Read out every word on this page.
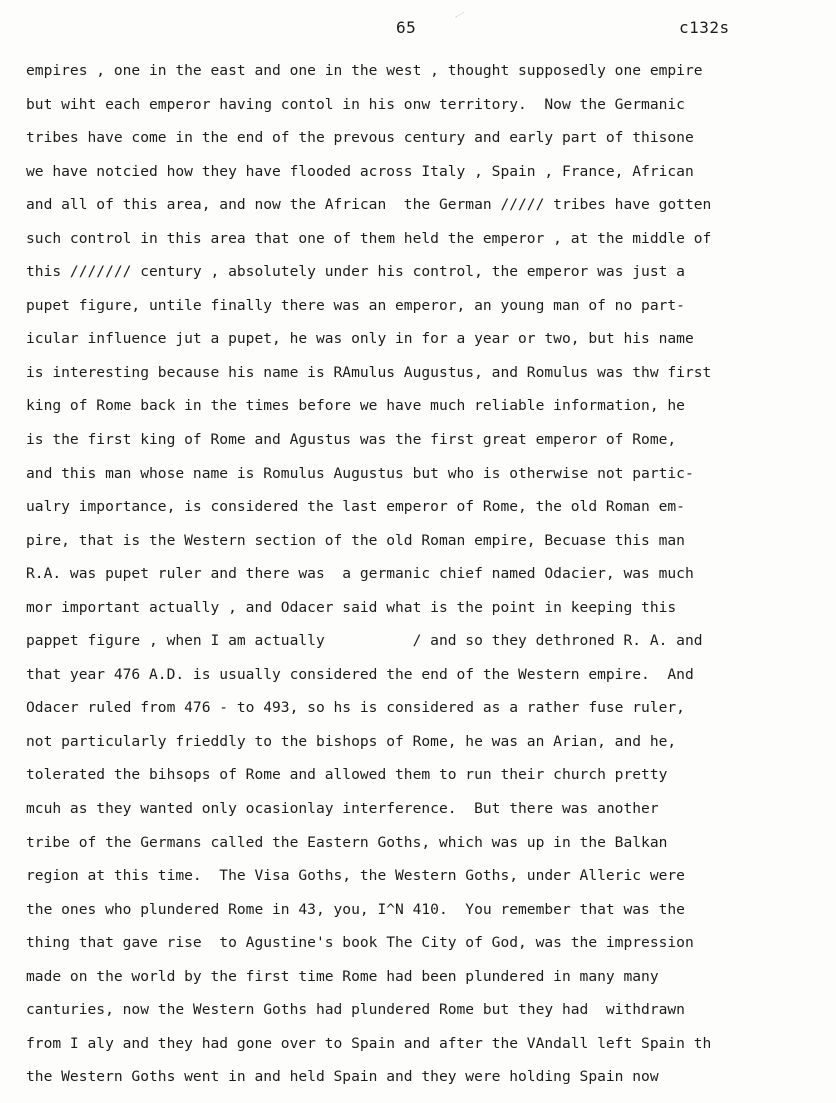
65	c132s
empires , one in the east and one in the west , thought supposedly one empire
but wiht each emperor having contol in his onw territory.  Now the Germanic
tribes have come in the end of the prevous century and early part of thisone
we have notcied how they have flooded across Italy , Spain , France, African
and all of this area, and now the African  the German ///// tribes have gotten
such control in this area that one of them held the emperor , at the middle of
this /////// century , absolutely under his control, the emperor was just a
pupet figure, untile finally there was an emperor, an young man of no part-
icular influence jut a pupet, he was only in for a year or two, but his name
is interesting because his name is RAmulus Augustus, and Romulus was thw first
king of Rome back in the times before we have much reliable information, he
is the first king of Rome and Agustus was the first great emperor of Rome,
and this man whose name is Romulus Augustus but who is otherwise not partic-
ualry importance, is considered the last emperor of Rome, the old Roman em-
pire, that is the Western section of the old Roman empire, Becuase this man
R.A. was pupet ruler and there was  a germanic chief named Odacier, was much
mor important actually , and Odacer said what is the point in keeping this
pappet figure , when I am actually          / and so they dethroned R. A. and
that year 476 A.D. is usually considered the end of the Western empire.  And
Odacer ruled from 476 - to 493, so hs is considered as a rather fuse ruler,
not particularly frieddly to the bishops of Rome, he was an Arian, and he,
tolerated the bihsops of Rome and allowed them to run their church pretty
mcuh as they wanted only ocasionlay interference.  But there was another
tribe of the Germans called the Eastern Goths, which was up in the Balkan
region at this time.  The Visa Goths, the Western Goths, under Alleric were
the ones who plundered Rome in 43, you, I^N 410.  You remember that was the
thing that gave rise  to Agustine's book The City of God, was the impression
made on the world by the first time Rome had been plundered in many many
canturies, now the Western Goths had plundered Rome but they had  withdrawn
from I aly and they had gone over to Spain and after the VAndall left Spain th
the Western Goths went in and held Spain and they were holding Spain now
